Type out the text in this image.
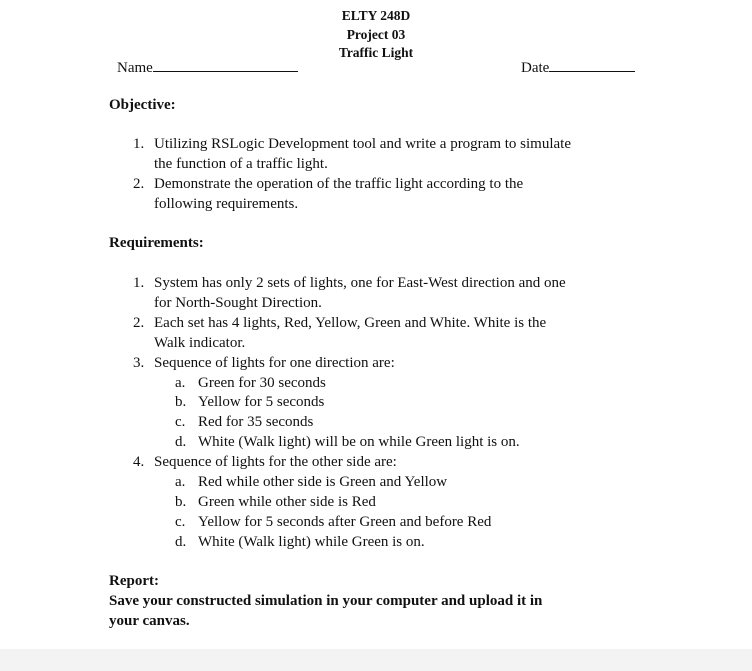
ELTY 248D
Project 03
Traffic Light
Name	Date
Objective:
1. Utilizing RSLogic Development tool and write a program to simulate
the function of a traffic light.
2. Demonstrate the operation of the traffic light according to the
following requirements.
Requirements:
1. System has only 2 sets of lights, one for East-West direction and one
for North-Sought Direction.
2. Each set has 4 lights, Red, Yellow, Green and White. White is the
Walk indicator.
3. Sequence of lights for one direction are:
a. Green for 30 seconds
b. Yellow for 5 seconds
c. Red for 35 seconds
d. White (Walk light) will be on while Green light is on.
4. Sequence of lights for the other side are:
a. Red while other side is Green and Yellow
b. Green while other side is Red
c. Yellow for 5 seconds after Green and before Red
d. White (Walk light) while Green is on.
Report:
Save your constructed simulation in your computer and upload it in
your canvas.
